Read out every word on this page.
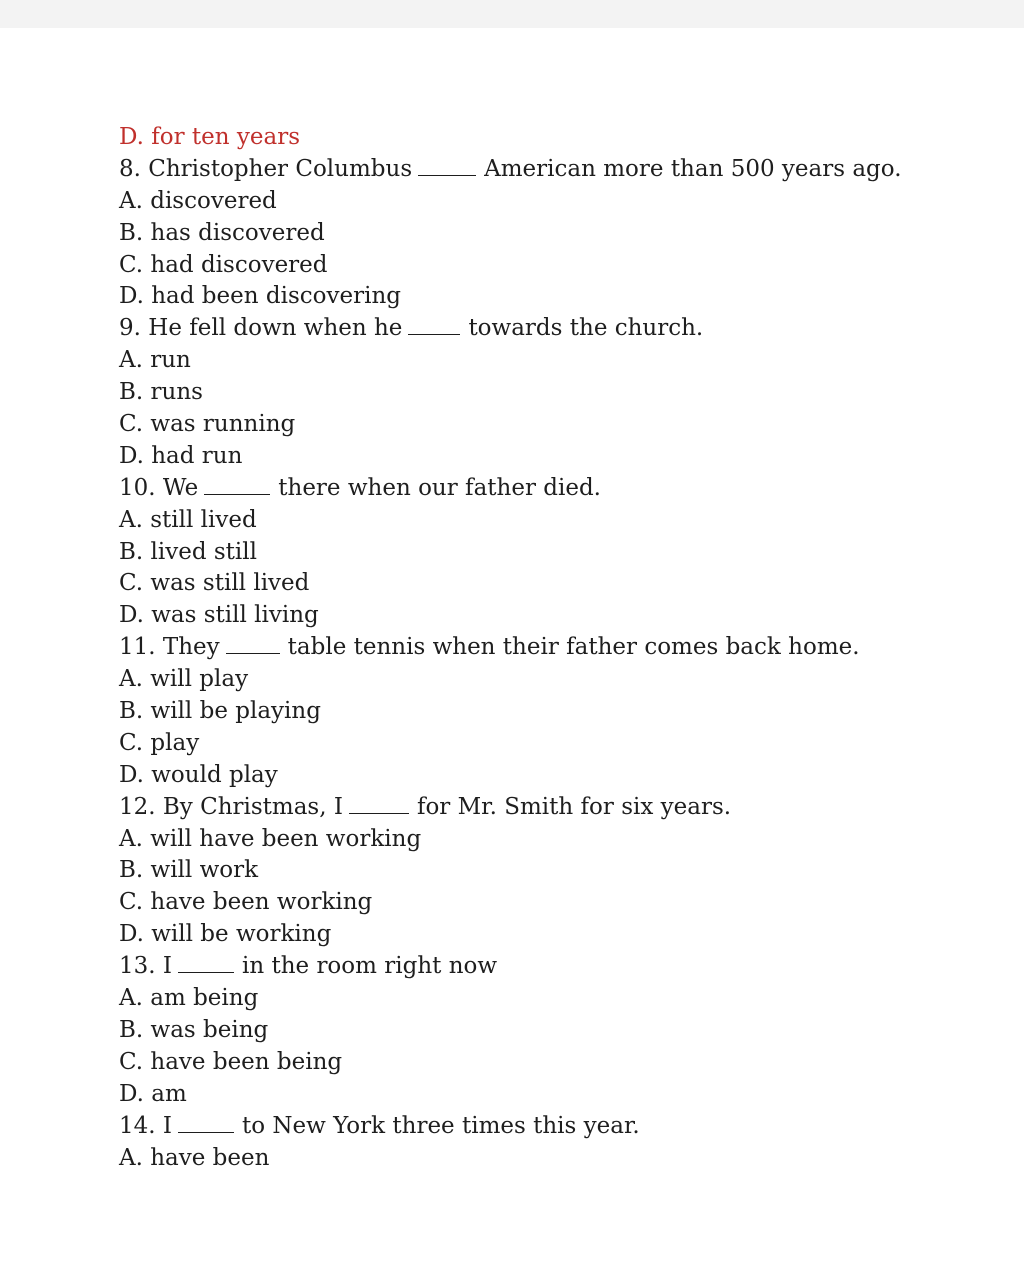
D. for ten years
8. Christopher Columbus	American more than 500 years ago.
A. discovered
B. has discovered
C. had discovered
D. had been discovering
9. He fell down when he	towards the church.
A. run
B. runs
C. was running
D. had run
10. We	there when our father died.
A. still lived
B. lived still
C. was still lived
D. was still living
11. They	table tennis when their father comes back home.
A. will play
B. will be playing
C. play
D. would play
12. By Christmas, I	for Mr. Smith for six years.
A. will have been working
B. will work
C. have been working
D. will be working
13. I	in the room right now
A. am being
B. was being
C. have been being
D. am
14. I	to New York three times this year.
A. have been
